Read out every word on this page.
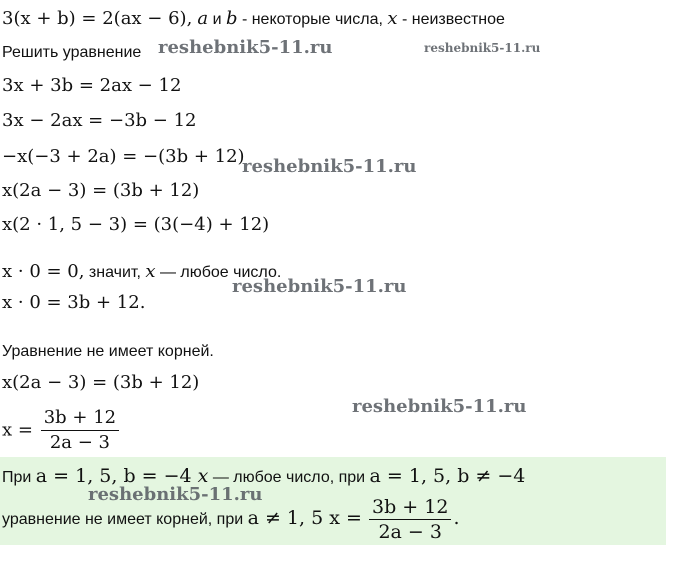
3(x + b) = 2(ax − 6), a и b - некоторые числа, x - неизвестное
Решить уравнение
3x + 3b = 2ax − 12
3x − 2ax = −3b − 12
−x(−3 + 2a) = −(3b + 12)
x(2a − 3) = (3b + 12)
x(2 · 1, 5 − 3) = (3(−4) + 12)
x · 0 = 0, значит, x — любое число.
x · 0 = 3b + 12.
Уравнение не имеет корней.
x(2a − 3) = (3b + 12)
$x = \frac{3b + 12}{2a - 3}$
При a = 1, 5, b = −4 x — любое число, при a = 1, 5, b ≠ −4
уравнение не имеет корней, при a ≠ 1, 5 $x = \frac{3b + 12}{2a - 3}$ .
reshebnik5-11.ru	reshebnik5-11.ru
reshebnik5-11.ru
reshebnik5-11.ru
reshebnik5-11.ru
reshebnik5-11.ru
